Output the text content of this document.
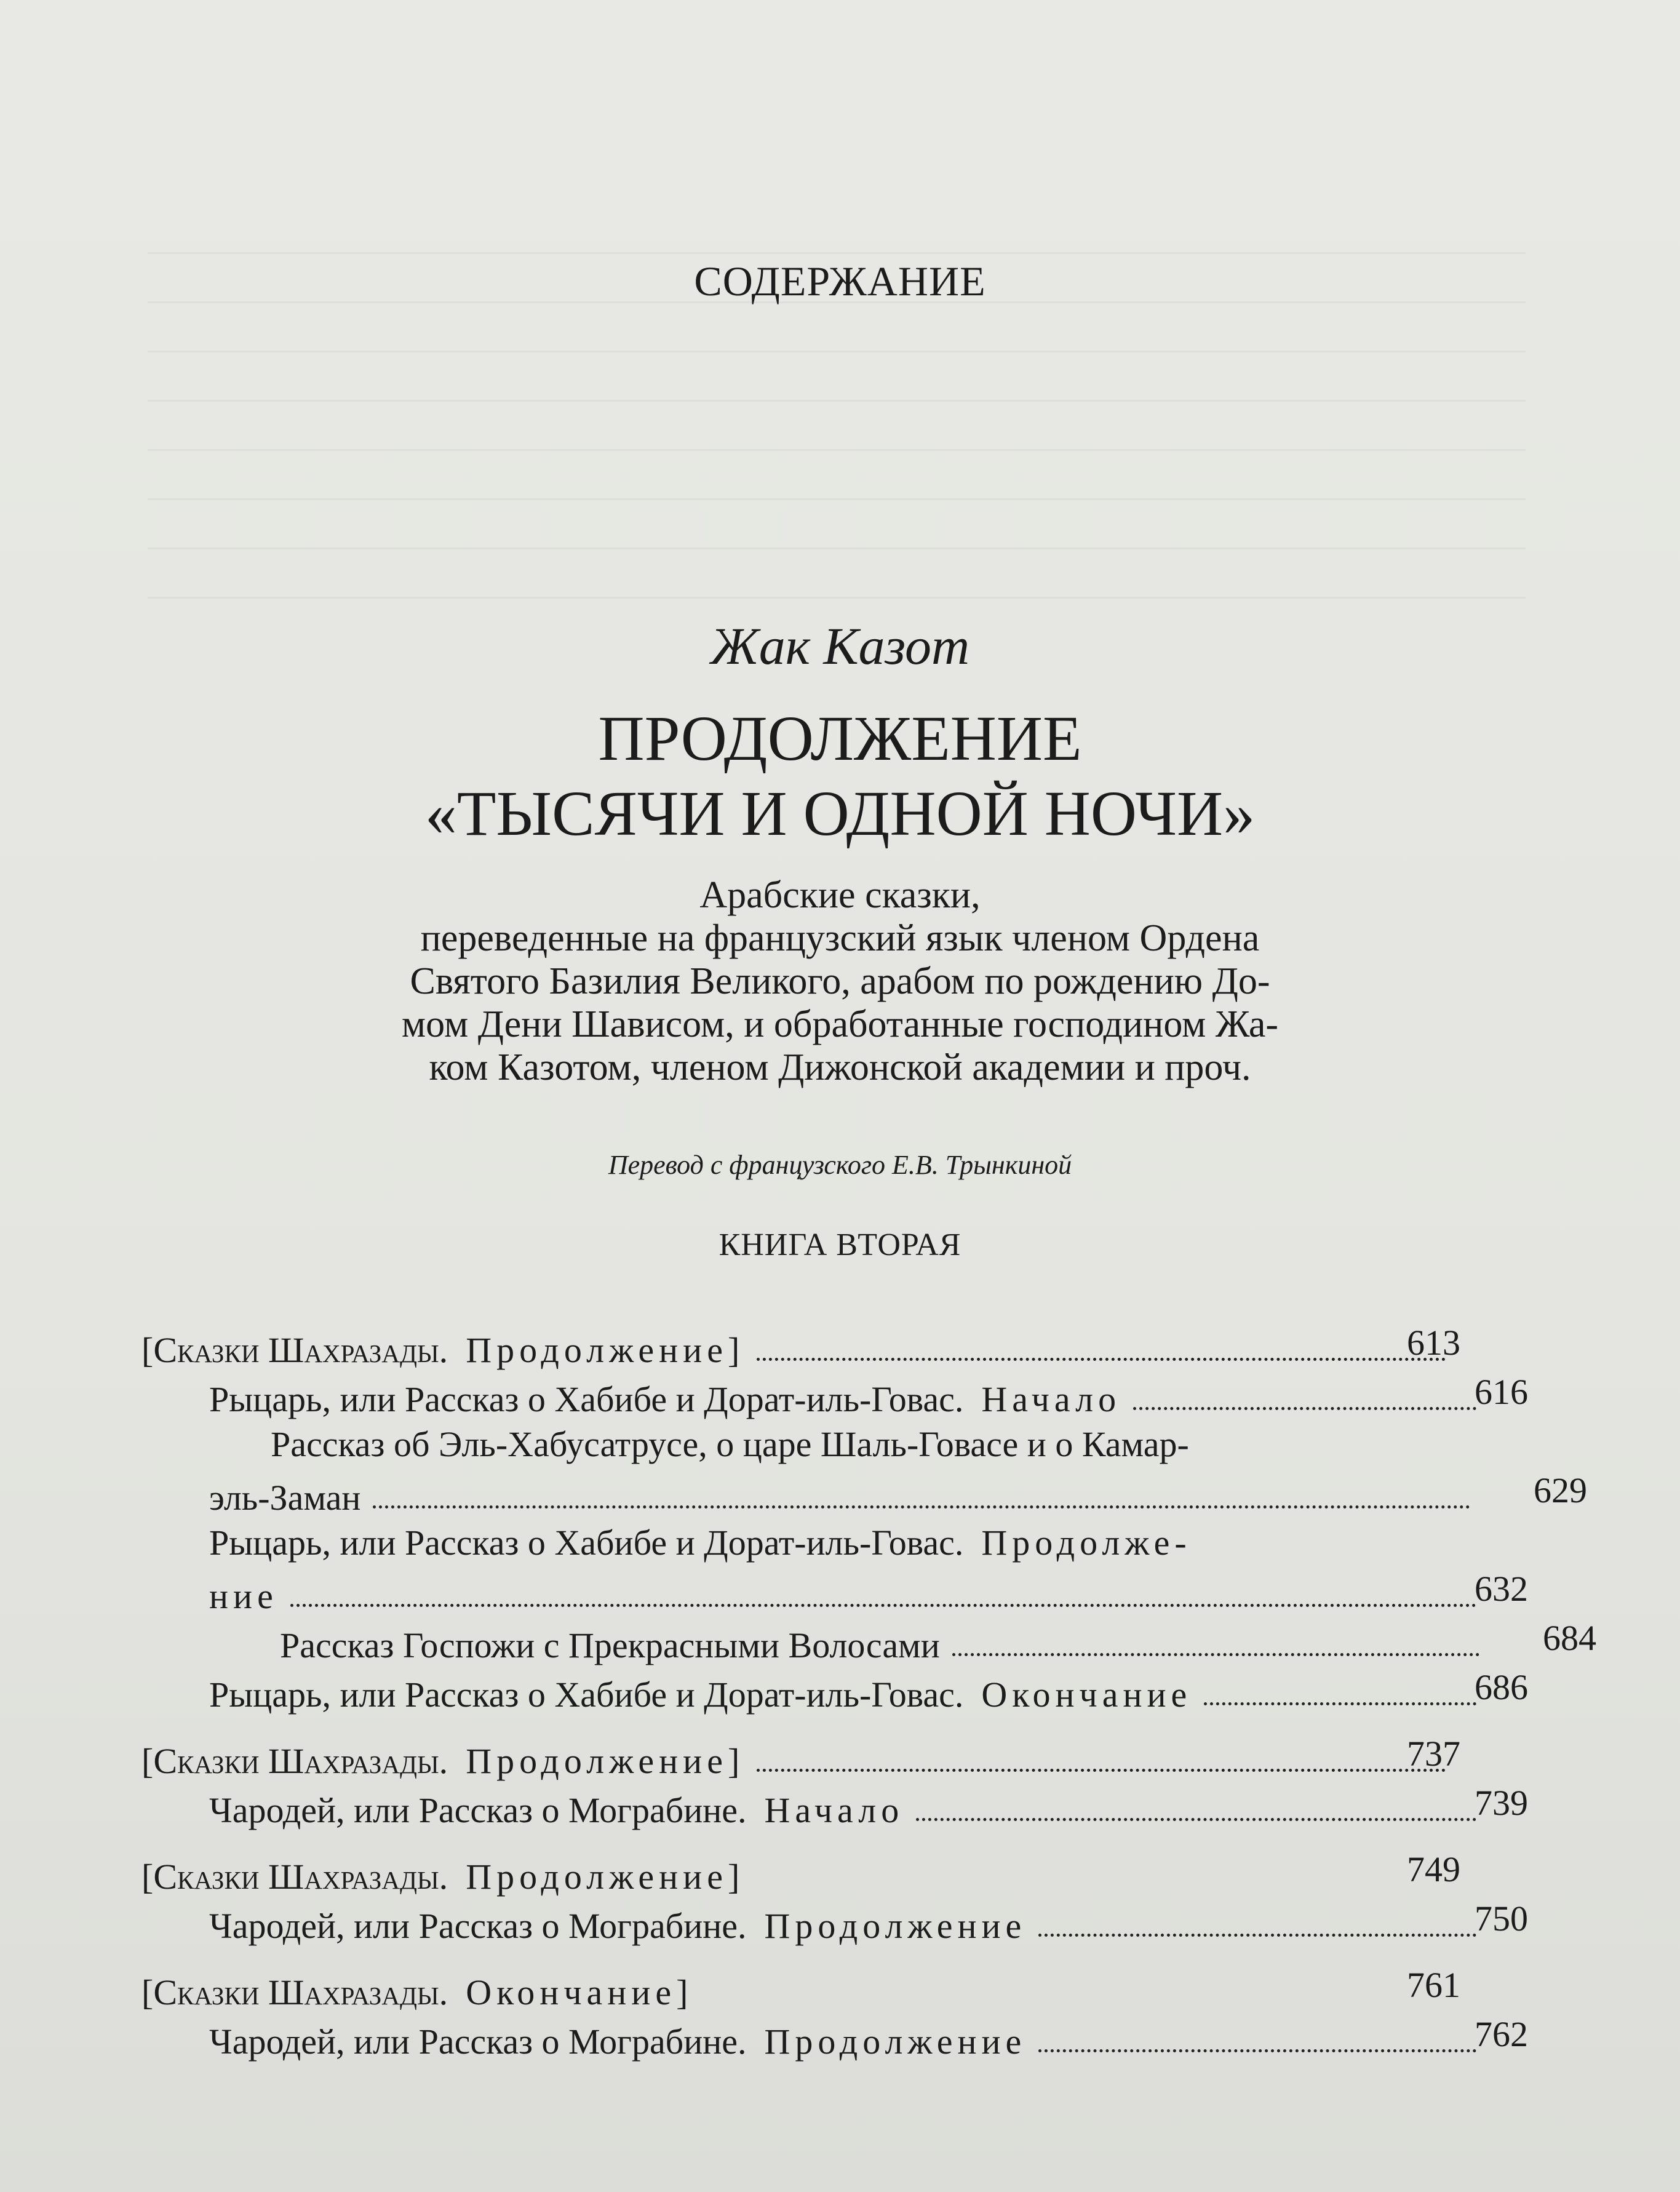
СОДЕРЖАНИЕ
Жак Казот
ПРОДОЛЖЕНИЕ
«ТЫСЯЧИ И ОДНОЙ НОЧИ»
Арабские сказки,
переведенные на французский язык членом Ордена
Святого Базилия Великого, арабом по рождению До-
мом Дени Шависом, и обработанные господином Жа-
ком Казотом, членом Дижонской академии и проч.
Перевод с французского Е.В. Трынкиной
КНИГА ВТОРАЯ
[Сказки Шахразады. Продолжение]	613
Рыцарь, или Рассказ о Хабибе и Дорат-иль-Говас. Начало	616
Рассказ об Эль-Хабусатрусе, о царе Шаль-Говасе и о Камар-
эль-Заман	629
Рыцарь, или Рассказ о Хабибе и Дорат-иль-Говас. Продолже-
ние	632
Рассказ Госпожи с Прекрасными Волосами	684
Рыцарь, или Рассказ о Хабибе и Дорат-иль-Говас. Окончание	686
[Сказки Шахразады. Продолжение]	737
Чародей, или Рассказ о Мограбине. Начало	739
[Сказки Шахразады. Продолжение]	749
Чародей, или Рассказ о Мограбине. Продолжение	750
[Сказки Шахразады. Окончание]	761
Чародей, или Рассказ о Мограбине. Продолжение	762
